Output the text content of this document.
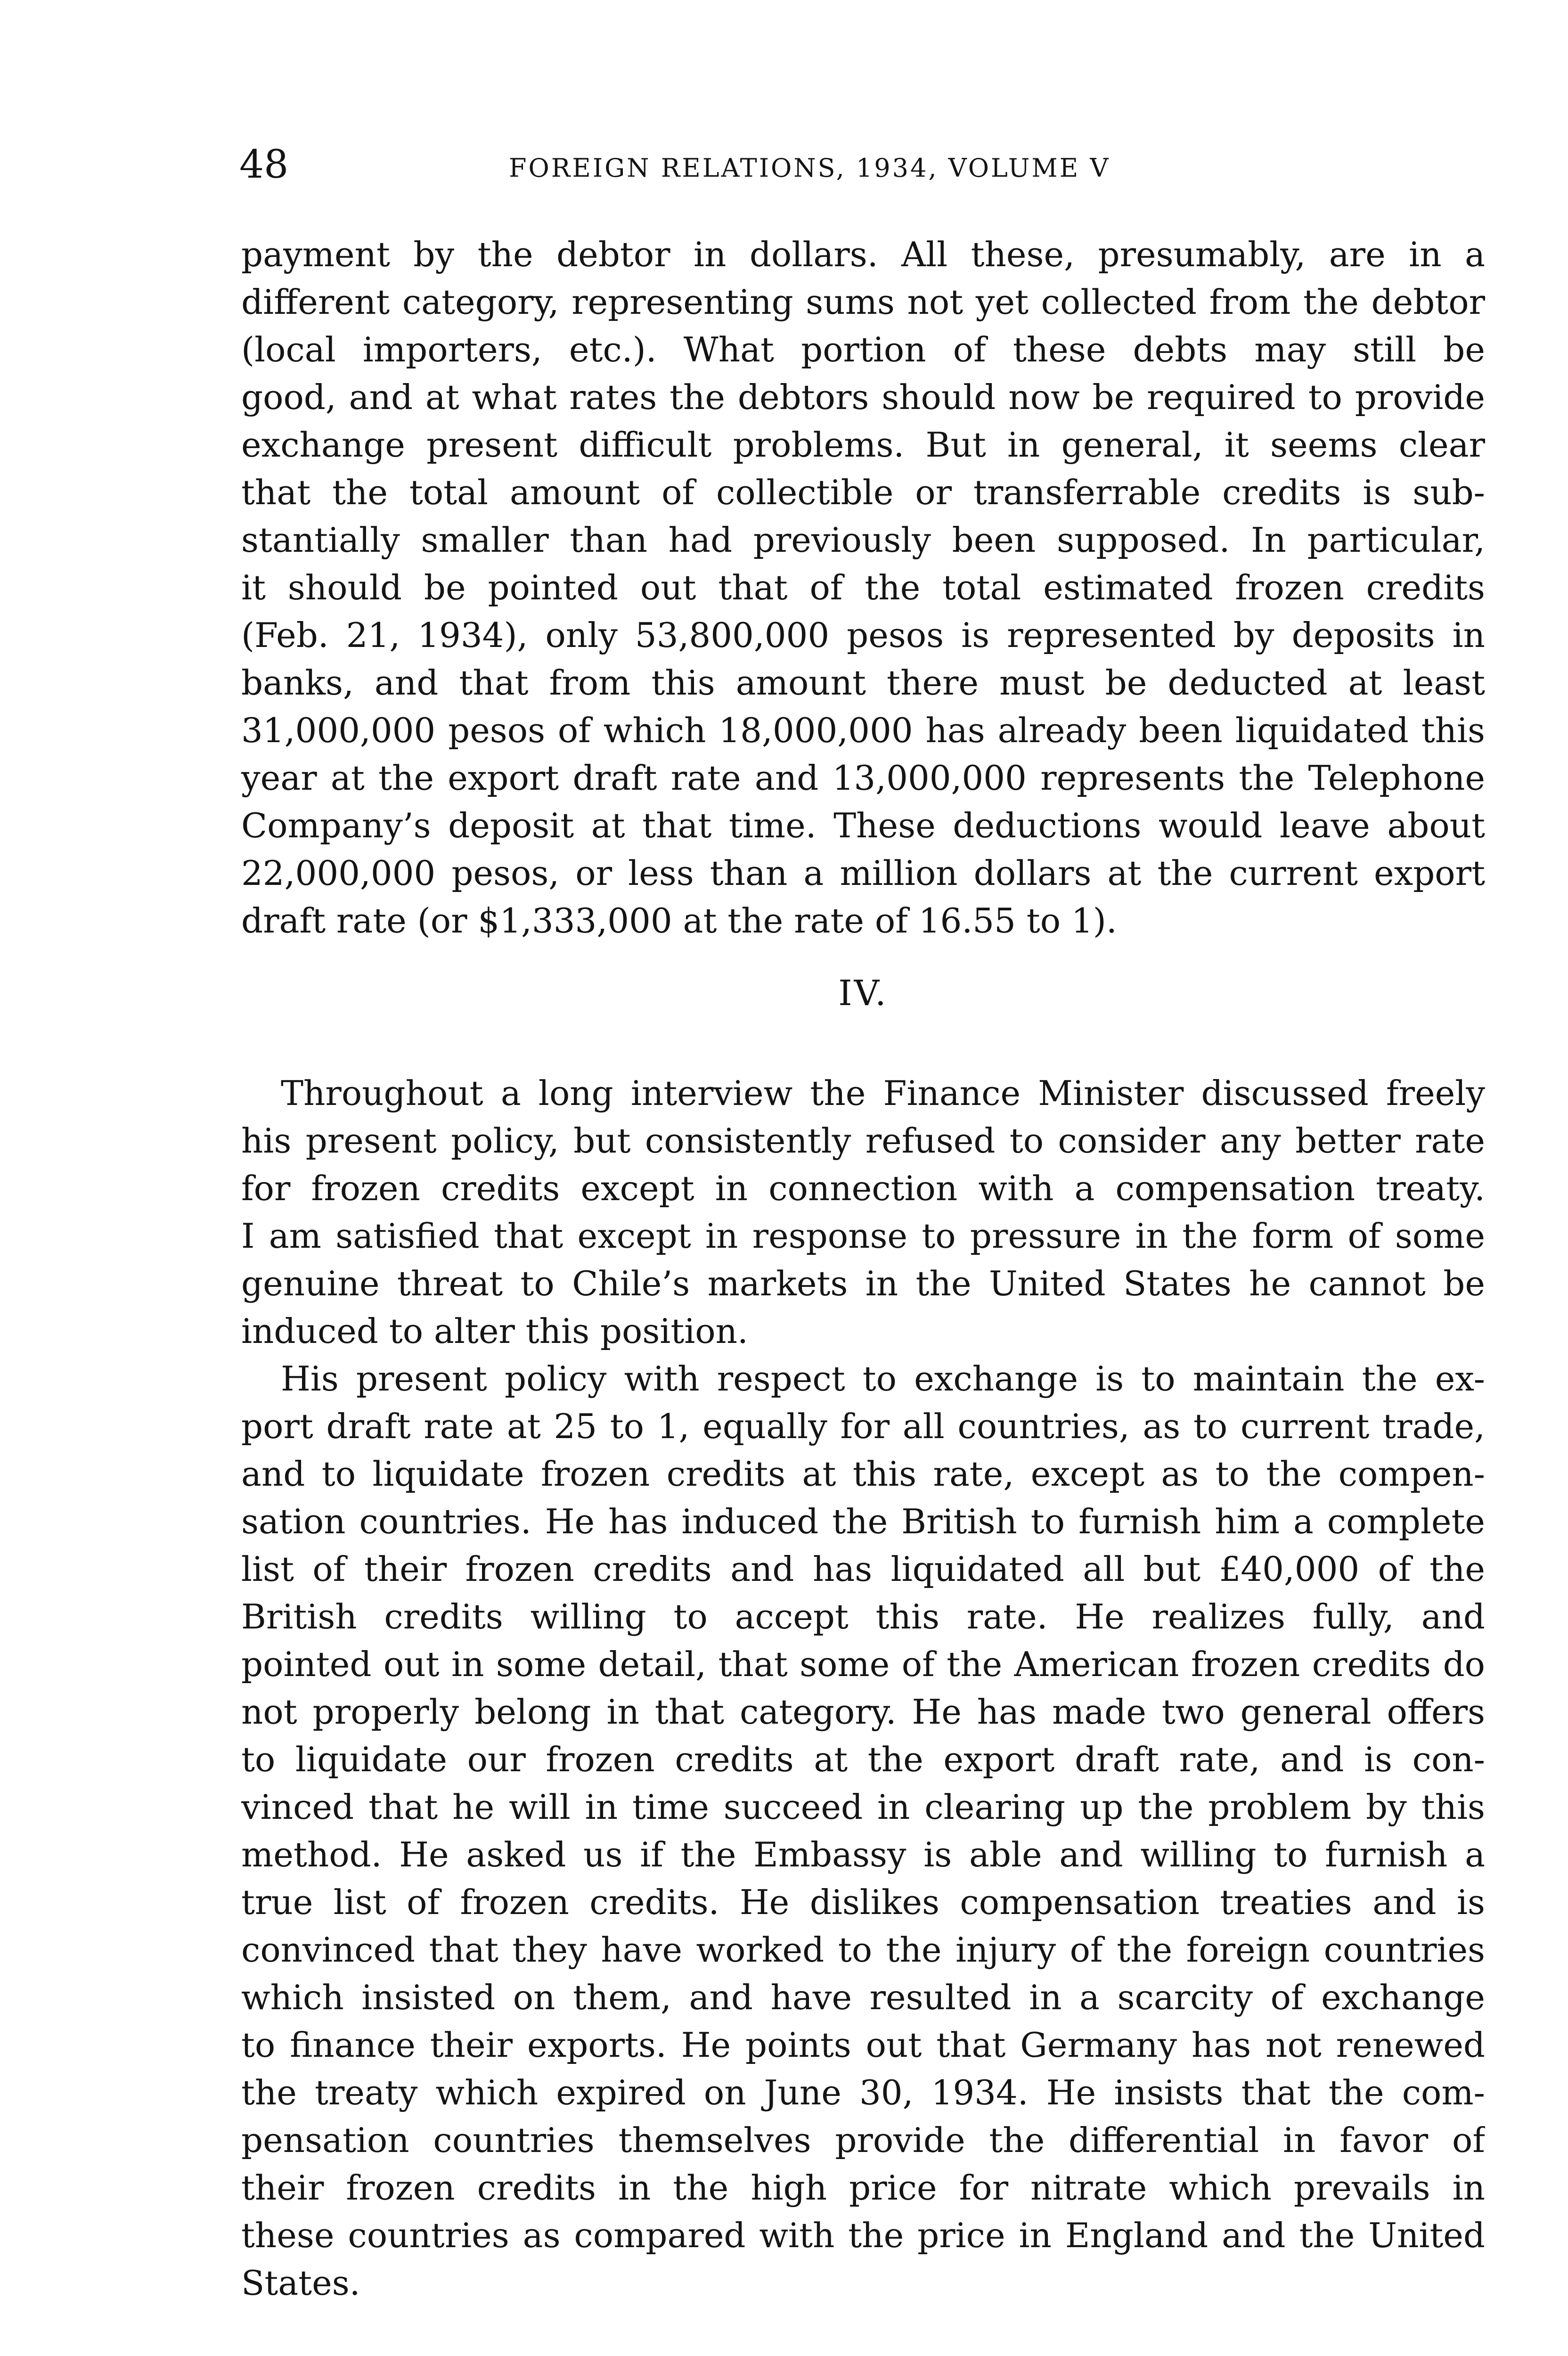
48	FOREIGN RELATIONS, 1934, VOLUME V
payment by the debtor in dollars. All these, presumably, are in a
different category, representing sums not yet collected from the debtor
(local importers, etc.). What portion of these debts may still be
good, and at what rates the debtors should now be required to provide
exchange present difficult problems. But in general, it seems clear
that the total amount of collectible or transferrable credits is sub-
stantially smaller than had previously been supposed. In particular,
it should be pointed out that of the total estimated frozen credits
(Feb. 21, 1934), only 53,800,000 pesos is represented by deposits in
banks, and that from this amount there must be deducted at least
31,000,000 pesos of which 18,000,000 has already been liquidated this
year at the export draft rate and 13,000,000 represents the Telephone
Company’s deposit at that time. These deductions would leave about
22,000,000 pesos, or less than a million dollars at the current export
draft rate (or $1,333,000 at the rate of 16.55 to 1).
IV.
Throughout a long interview the Finance Minister discussed freely
his present policy, but consistently refused to consider any better rate
for frozen credits except in connection with a compensation treaty.
I am satisfied that except in response to pressure in the form of some
genuine threat to Chile’s markets in the United States he cannot be
induced to alter this position.
His present policy with respect to exchange is to maintain the ex-
port draft rate at 25 to 1, equally for all countries, as to current trade,
and to liquidate frozen credits at this rate, except as to the compen-
sation countries. He has induced the British to furnish him a complete
list of their frozen credits and has liquidated all but £40,000 of the
British credits willing to accept this rate. He realizes fully, and
pointed out in some detail, that some of the American frozen credits do
not properly belong in that category. He has made two general offers
to liquidate our frozen credits at the export draft rate, and is con-
vinced that he will in time succeed in clearing up the problem by this
method. He asked us if the Embassy is able and willing to furnish a
true list of frozen credits. He dislikes compensation treaties and is
convinced that they have worked to the injury of the foreign countries
which insisted on them, and have resulted in a scarcity of exchange
to finance their exports. He points out that Germany has not renewed
the treaty which expired on June 30, 1934. He insists that the com-
pensation countries themselves provide the differential in favor of
their frozen credits in the high price for nitrate which prevails in
these countries as compared with the price in England and the United
States.
